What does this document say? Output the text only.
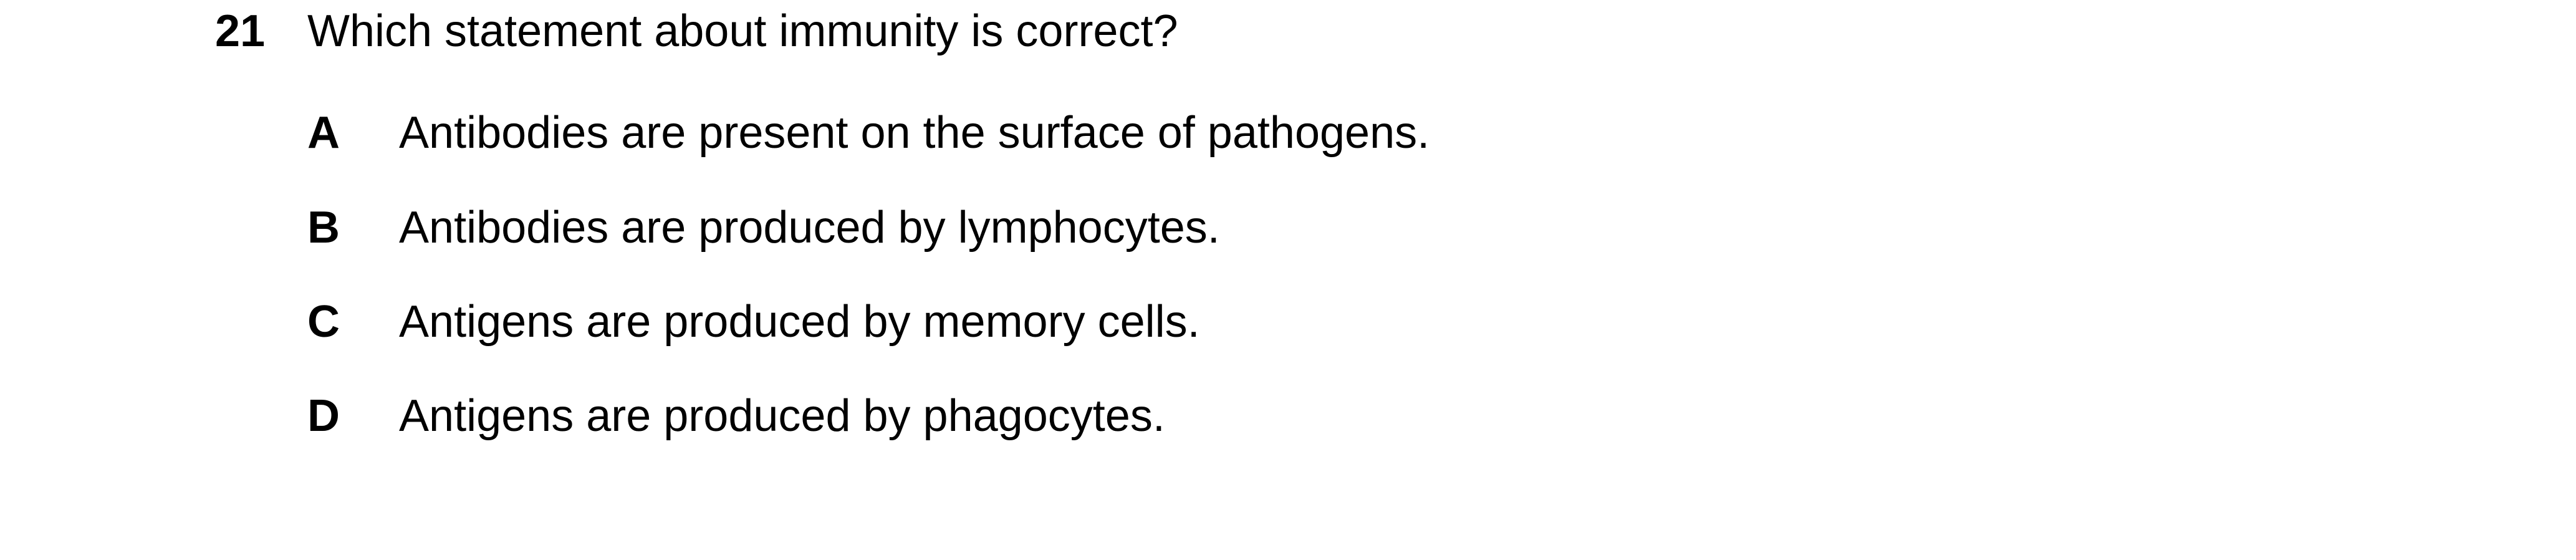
21 Which statement about immunity is correct?
A Antibodies are present on the surface of pathogens.
B Antibodies are produced by lymphocytes.
C Antigens are produced by memory cells.
D Antigens are produced by phagocytes.
